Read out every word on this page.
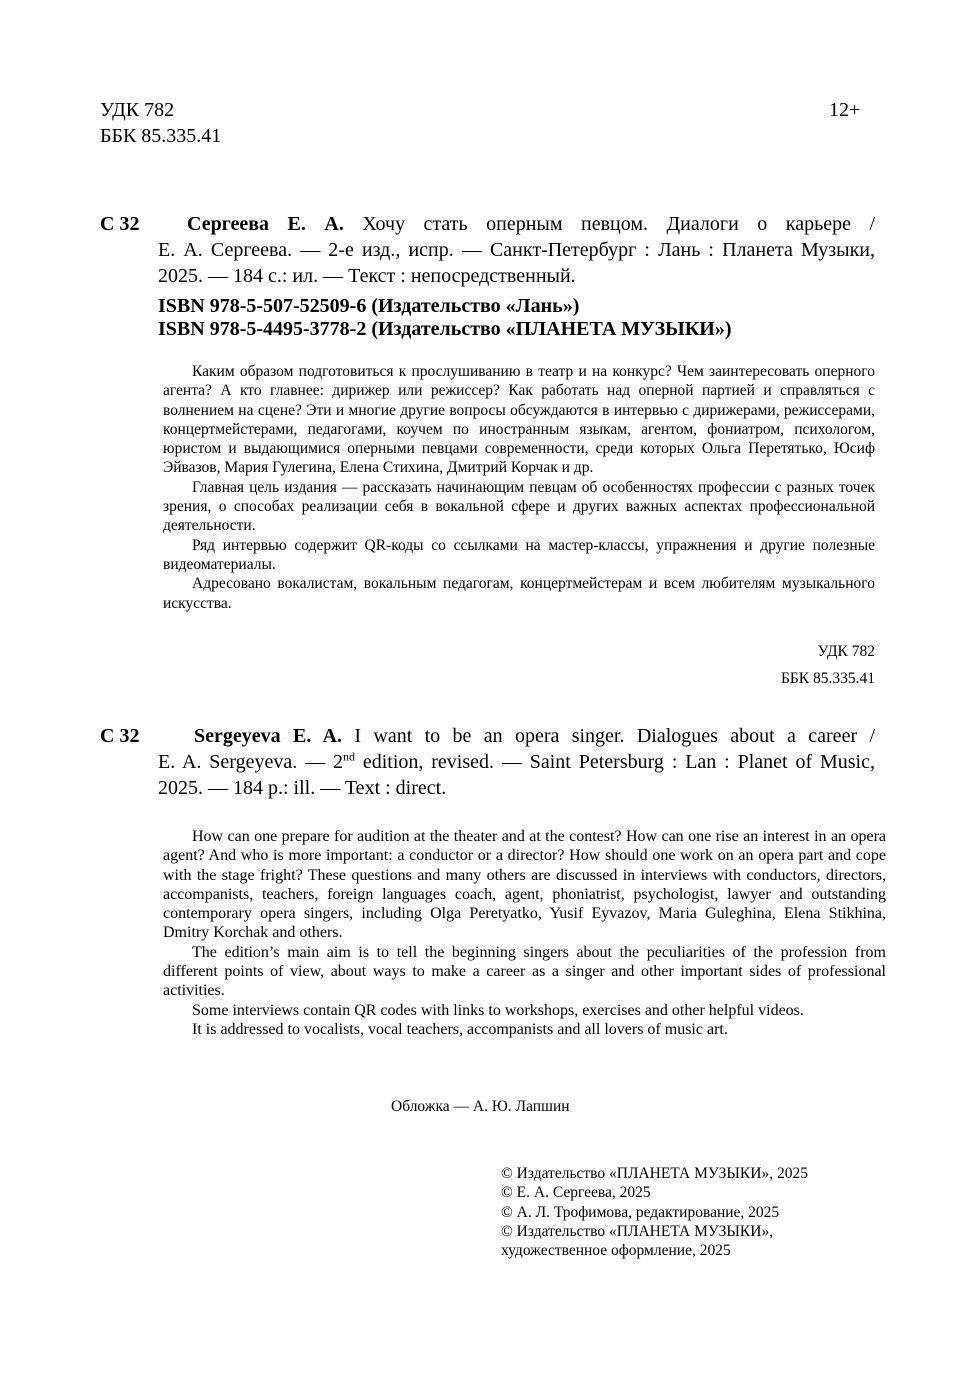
УДК 782
ББК 85.335.41
12+
С 32	Сергеева Е. А. Хочу стать оперным певцом. Диалоги о карьере /
Е. А. Сергеева. — 2-е изд., испр. — Санкт-Петербург : Лань : Планета Музыки,
2025. — 184 с.: ил. — Текст : непосредственный.
ISBN 978-5-507-52509-6 (Издательство «Лань»)
ISBN 978-5-4495-3778-2 (Издательство «ПЛАНЕТА МУЗЫКИ»)

Каким образом подготовиться к прослушиванию в театр и на конкурс? Чем заинтересовать оперного агента? А кто главнее: дирижер или режиссер? Как работать над оперной партией и справляться с волнением на сцене? Эти и многие другие вопросы обсуждаются в интервью с дирижерами, режиссерами, концертмейстерами, педагогами, коучем по иностранным языкам, агентом, фониатром, психологом, юристом и выдающимися оперными певцами современности, среди которых Ольга Перетятько, Юсиф Эйвазов, Мария Гулегина, Елена Стихина, Дмитрий Корчак и др.

Главная цель издания — рассказать начинающим певцам об особенностях профессии с разных точек зрения, о способах реализации себя в вокальной сфере и других важных аспектах профессиональной деятельности.

Ряд интервью содержит QR-коды со ссылками на мастер-классы, упражнения и другие полезные видеоматериалы.

Адресовано вокалистам, вокальным педагогам, концертмейстерам и всем любителям музыкального искусства.

УДК 782
ББК 85.335.41
С 32	Sergeyeva E. A. I want to be an opera singer. Dialogues about a career /
E. A. Sergeyeva. — 2nd edition, revised. — Saint Petersburg : Lan : Planet of Music,
2025. — 184 p.: ill. — Text : direct.

How can one prepare for audition at the theater and at the contest? How can one rise an interest in an opera agent? And who is more important: a conductor or a director? How should one work on an opera part and cope with the stage fright? These questions and many others are discussed in interviews with conductors, directors, accompanists, teachers, foreign languages coach, agent, phoniatrist, psychologist, lawyer and outstanding contemporary opera singers, including Olga Peretyatko, Yusif Eyvazov, Maria Guleghina, Elena Stikhina, Dmitry Korchak and others.

The edition’s main aim is to tell the beginning singers about the peculiarities of the profession from different points of view, about ways to make a career as a singer and other important sides of professional activities.

Some interviews contain QR codes with links to workshops, exercises and other helpful videos.

It is addressed to vocalists, vocal teachers, accompanists and all lovers of music art.

Обложка — А. Ю. Лапшин
© Издательство «ПЛАНЕТА МУЗЫКИ», 2025
© Е. А. Сергеева, 2025
© А. Л. Трофимова, редактирование, 2025
© Издательство «ПЛАНЕТА МУЗЫКИ»,
художественное оформление, 2025
